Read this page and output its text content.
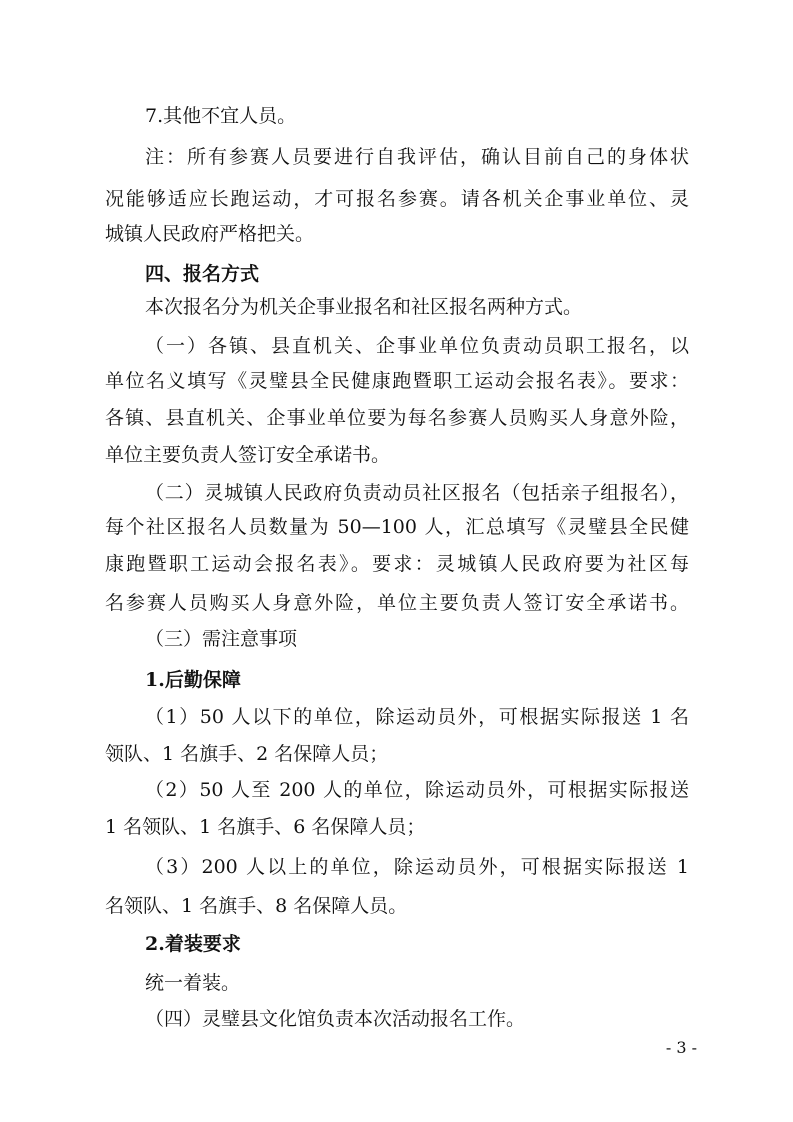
7.其他不宜人员。

注：所有参赛人员要进行自我评估，确认目前自己的身体状

况能够适应长跑运动，才可报名参赛。请各机关企事业单位、灵

城镇人民政府严格把关。

四、报名方式

本次报名分为机关企事业报名和社区报名两种方式。

（一）各镇、县直机关、企事业单位负责动员职工报名，以

单位名义填写《灵璧县全民健康跑暨职工运动会报名表》。要求：

各镇、县直机关、企事业单位要为每名参赛人员购买人身意外险，

单位主要负责人签订安全承诺书。

（二）灵城镇人民政府负责动员社区报名（包括亲子组报名），

每个社区报名人员数量为 50—100 人，汇总填写《灵璧县全民健

康跑暨职工运动会报名表》。要求：灵城镇人民政府要为社区每

名参赛人员购买人身意外险，单位主要负责人签订安全承诺书。

（三）需注意事项

1.后勤保障

（1）50 人以下的单位，除运动员外，可根据实际报送 1 名

领队、1 名旗手、2 名保障人员；

（2）50 人至 200 人的单位，除运动员外，可根据实际报送

1 名领队、1 名旗手、6 名保障人员；

（3）200 人以上的单位，除运动员外，可根据实际报送 1

名领队、1 名旗手、8 名保障人员。

2.着装要求

统一着装。

（四）灵璧县文化馆负责本次活动报名工作。

- 3 -
